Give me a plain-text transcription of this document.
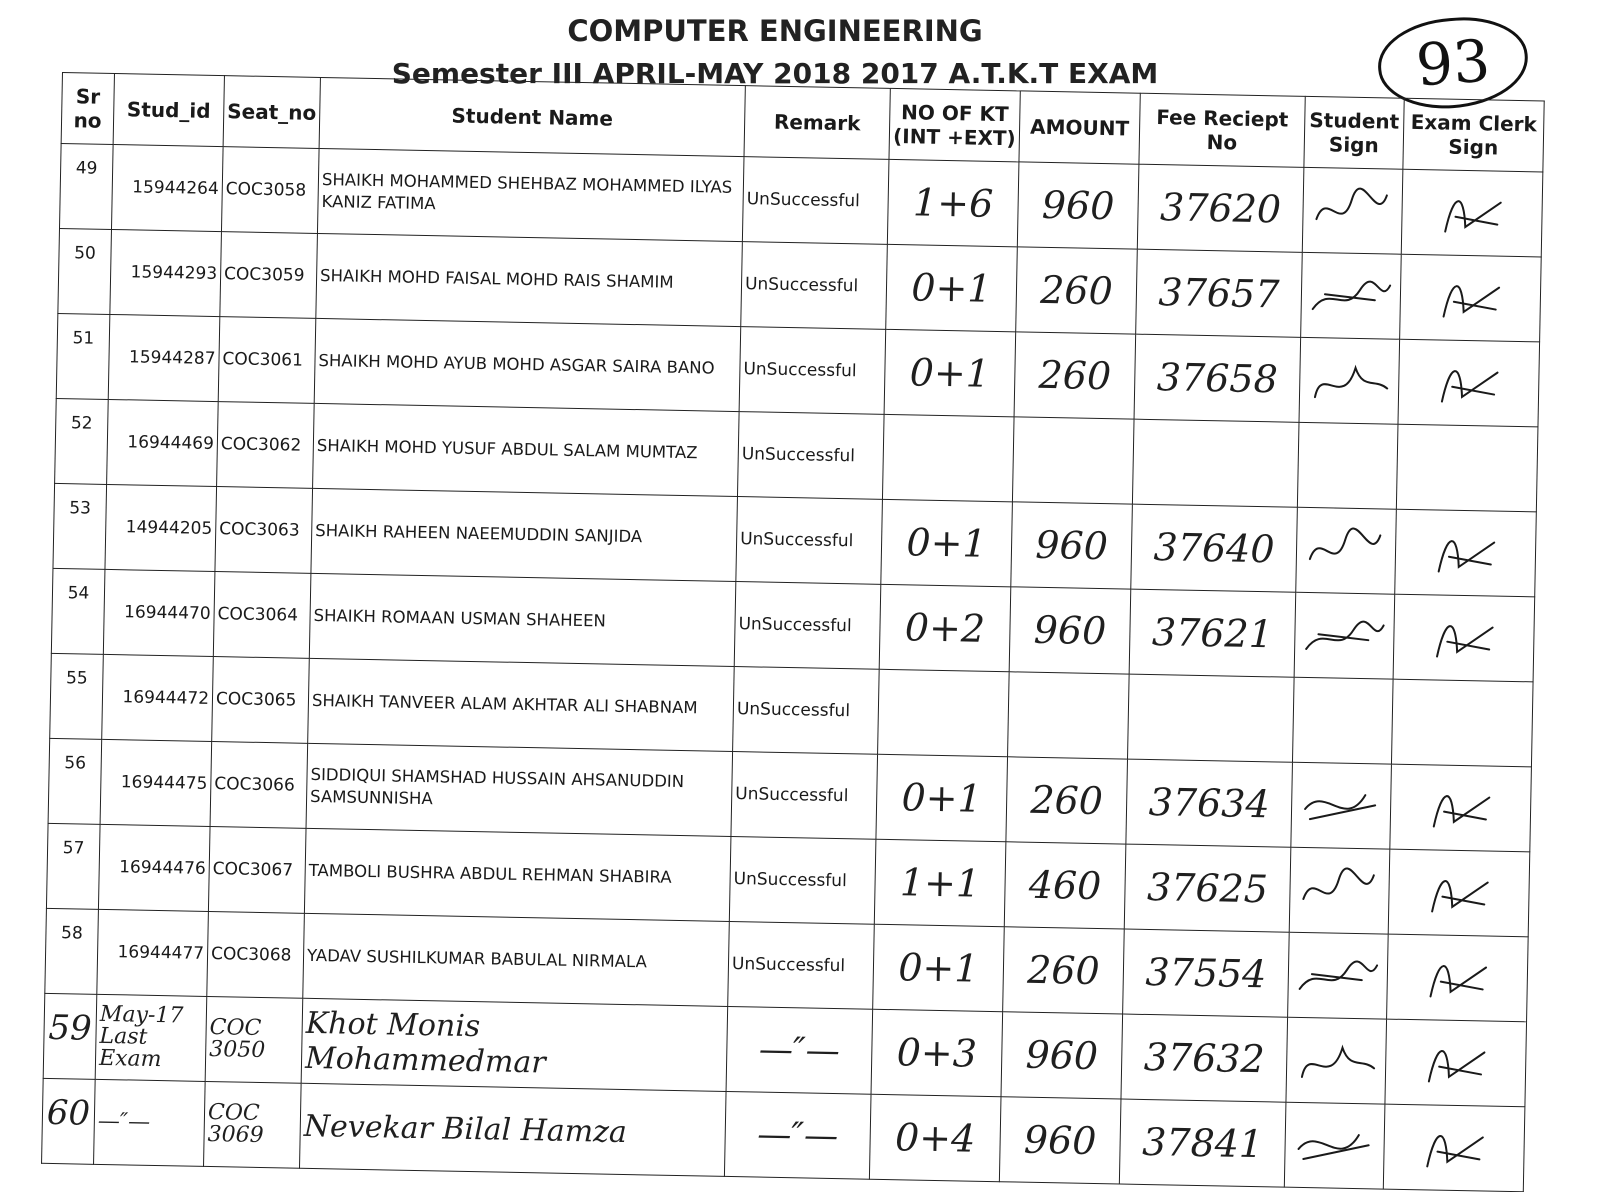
COMPUTER ENGINEERING
Semester III APRIL-MAY 2018 2017 A.T.K.T EXAM	93
Sr no	Stud_id	Seat_no	Student Name	Remark	NO OF KT (INT +EXT)	AMOUNT	Fee Reciept No	Student Sign	Exam Clerk Sign
49	15944264	COC3058	SHAIKH MOHAMMED SHEHBAZ MOHAMMED ILYAS KANIZ FATIMA	UnSuccessful	1+6	960	37620	

50	15944293	COC3059	SHAIKH MOHD FAISAL MOHD RAIS SHAMIM	UnSuccessful	0+1	260	37657	

51	15944287	COC3061	SHAIKH MOHD AYUB MOHD ASGAR SAIRA BANO	UnSuccessful	0+1	260	37658	

52	16944469	COC3062	SHAIKH MOHD YUSUF ABDUL SALAM MUMTAZ	UnSuccessful					
53	14944205	COC3063	SHAIKH RAHEEN NAEEMUDDIN SANJIDA	UnSuccessful	0+1	960	37640	

54	16944470	COC3064	SHAIKH ROMAAN USMAN SHAHEEN	UnSuccessful	0+2	960	37621	

55	16944472	COC3065	SHAIKH TANVEER ALAM AKHTAR ALI SHABNAM	UnSuccessful					
56	16944475	COC3066	SIDDIQUI SHAMSHAD HUSSAIN AHSANUDDIN SAMSUNNISHA	UnSuccessful	0+1	260	37634	

57	16944476	COC3067	TAMBOLI BUSHRA ABDUL REHMAN SHABIRA	UnSuccessful	1+1	460	37625	

58	16944477	COC3068	YADAV SUSHILKUMAR BABULAL NIRMALA	UnSuccessful	0+1	260	37554	

59	May-17 Last Exam	COC 3050	Khot Monis Mohammedmar	—″—	0+3	960	37632	

60	—″—	COC 3069	Nevekar Bilal Hamza	—″—	0+4	960	37841	
